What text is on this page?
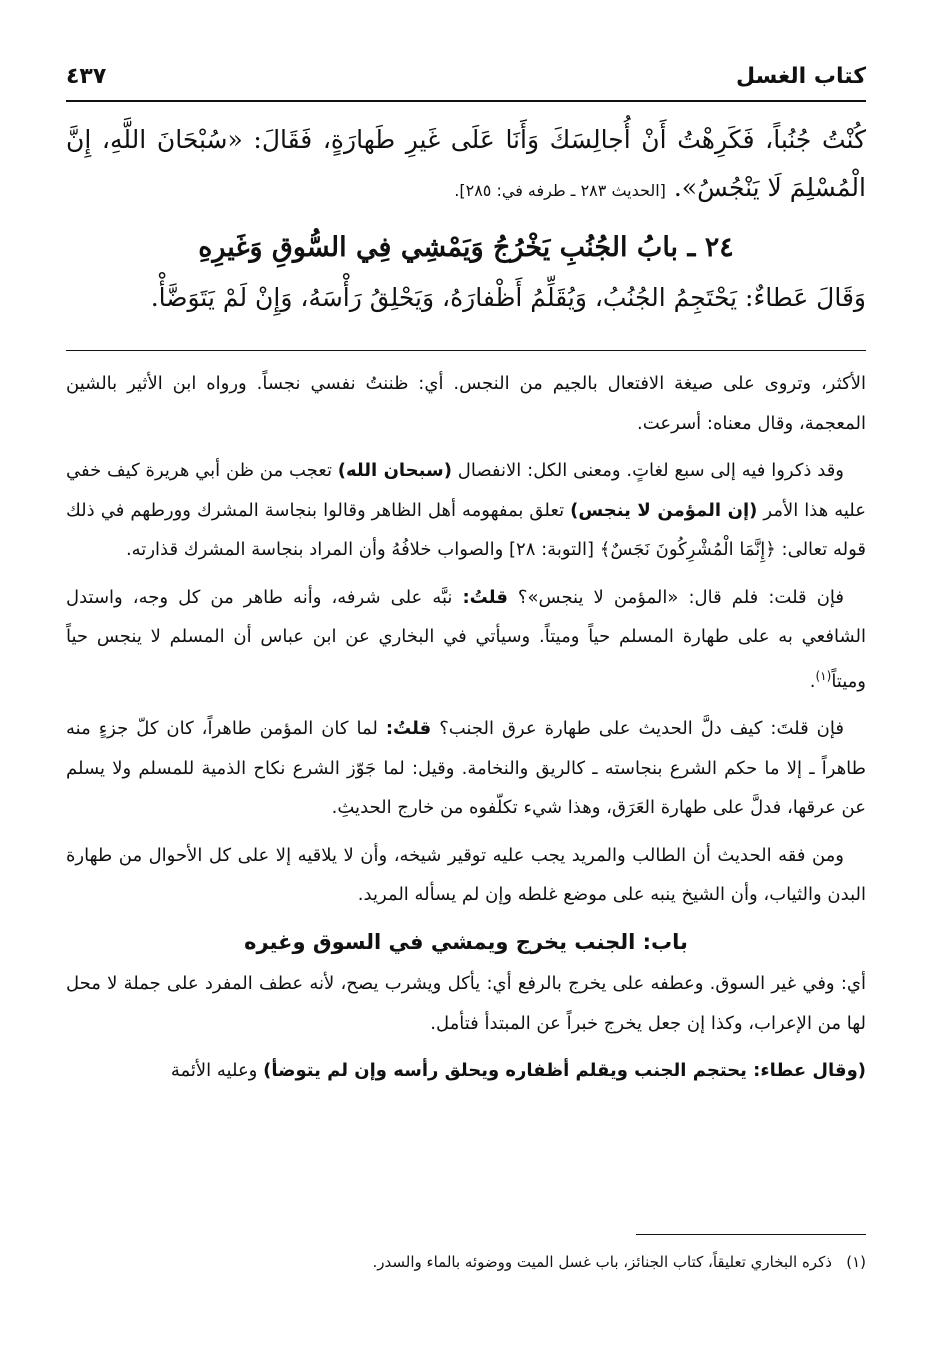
كتاب الغسل
٤٣٧
كُنْتُ جُنُباً، فَكَرِهْتُ أَنْ أُجالِسَكَ وَأَنَا عَلَى غَيرِ طَهارَةٍ، فَقَالَ: «سُبْحَانَ اللَّهِ، إِنَّ الْمُسْلِمَ لَا يَنْجُسُ». [الحديث ٢٨٣ ـ طرفه في: ٢٨٥].
٢٤ ـ بابُ الجُنُبِ يَخْرُجُ وَيَمْشِي فِي السُّوقِ وَغَيرِهِ
وَقَالَ عَطاءٌ: يَحْتَجِمُ الجُنُبُ، وَيُقَلِّمُ أَظْفارَهُ، وَيَحْلِقُ رَأْسَهُ، وَإِنْ لَمْ يَتَوَضَّأْ.

الأكثر، وتروى على صيغة الافتعال بالجيم من النجس. أي: ظننتُ نفسي نجساً. ورواه ابن الأثير بالشين المعجمة، وقال معناه: أسرعت.

وقد ذكروا فيه إلى سبع لغاتٍ. ومعنى الكل: الانفصال (سبحان الله) تعجب من ظن أبي هريرة كيف خفي عليه هذا الأمر (إن المؤمن لا ينجس) تعلق بمفهومه أهل الظاهر وقالوا بنجاسة المشرك وورطهم في ذلك قوله تعالى: ﴿إِنَّمَا الْمُشْرِكُونَ نَجَسٌ﴾ [التوبة: ٢٨] والصواب خلافُهُ وأن المراد بنجاسة المشرك قذارته.

فإن قلت: فلم قال: «المؤمن لا ينجس»؟ قلتُ: نبَّه على شرفه، وأنه طاهر من كل وجه، واستدل الشافعي به على طهارة المسلم حياً وميتاً. وسيأتي في البخاري عن ابن عباس أن المسلم لا ينجس حياً وميتاً$^{(١)}$.

فإن قلتَ: كيف دلَّ الحديث على طهارة عرق الجنب؟ قلتُ: لما كان المؤمن طاهراً، كان كلّ جزءٍ منه طاهراً ـ إلا ما حكم الشرع بنجاسته ـ كالريق والنخامة. وقيل: لما جَوّز الشرع نكاح الذمية للمسلم ولا يسلم عن عرقها، فدلَّ على طهارة العَرَق، وهذا شيء تكلّفوه من خارج الحديثِ.

ومن فقه الحديث أن الطالب والمريد يجب عليه توقير شيخه، وأن لا يلاقيه إلا على كل الأحوال من طهارة البدن والثياب، وأن الشيخ ينبه على موضع غلطه وإن لم يسأله المريد.

باب: الجنب يخرج ويمشي في السوق وغيره

أي: وفي غير السوق. وعطفه على يخرج بالرفع أي: يأكل ويشرب يصح، لأنه عطف المفرد على جملة لا محل لها من الإعراب، وكذا إن جعل يخرج خبراً عن المبتدأ فتأمل.

(وقال عطاء: يحتجم الجنب ويقلم أظفاره ويحلق رأسه وإن لم يتوضأ) وعليه الأئمة

(١)   ذكره البخاري تعليقاً، كتاب الجنائز، باب غسل الميت ووضوئه بالماء والسدر.
